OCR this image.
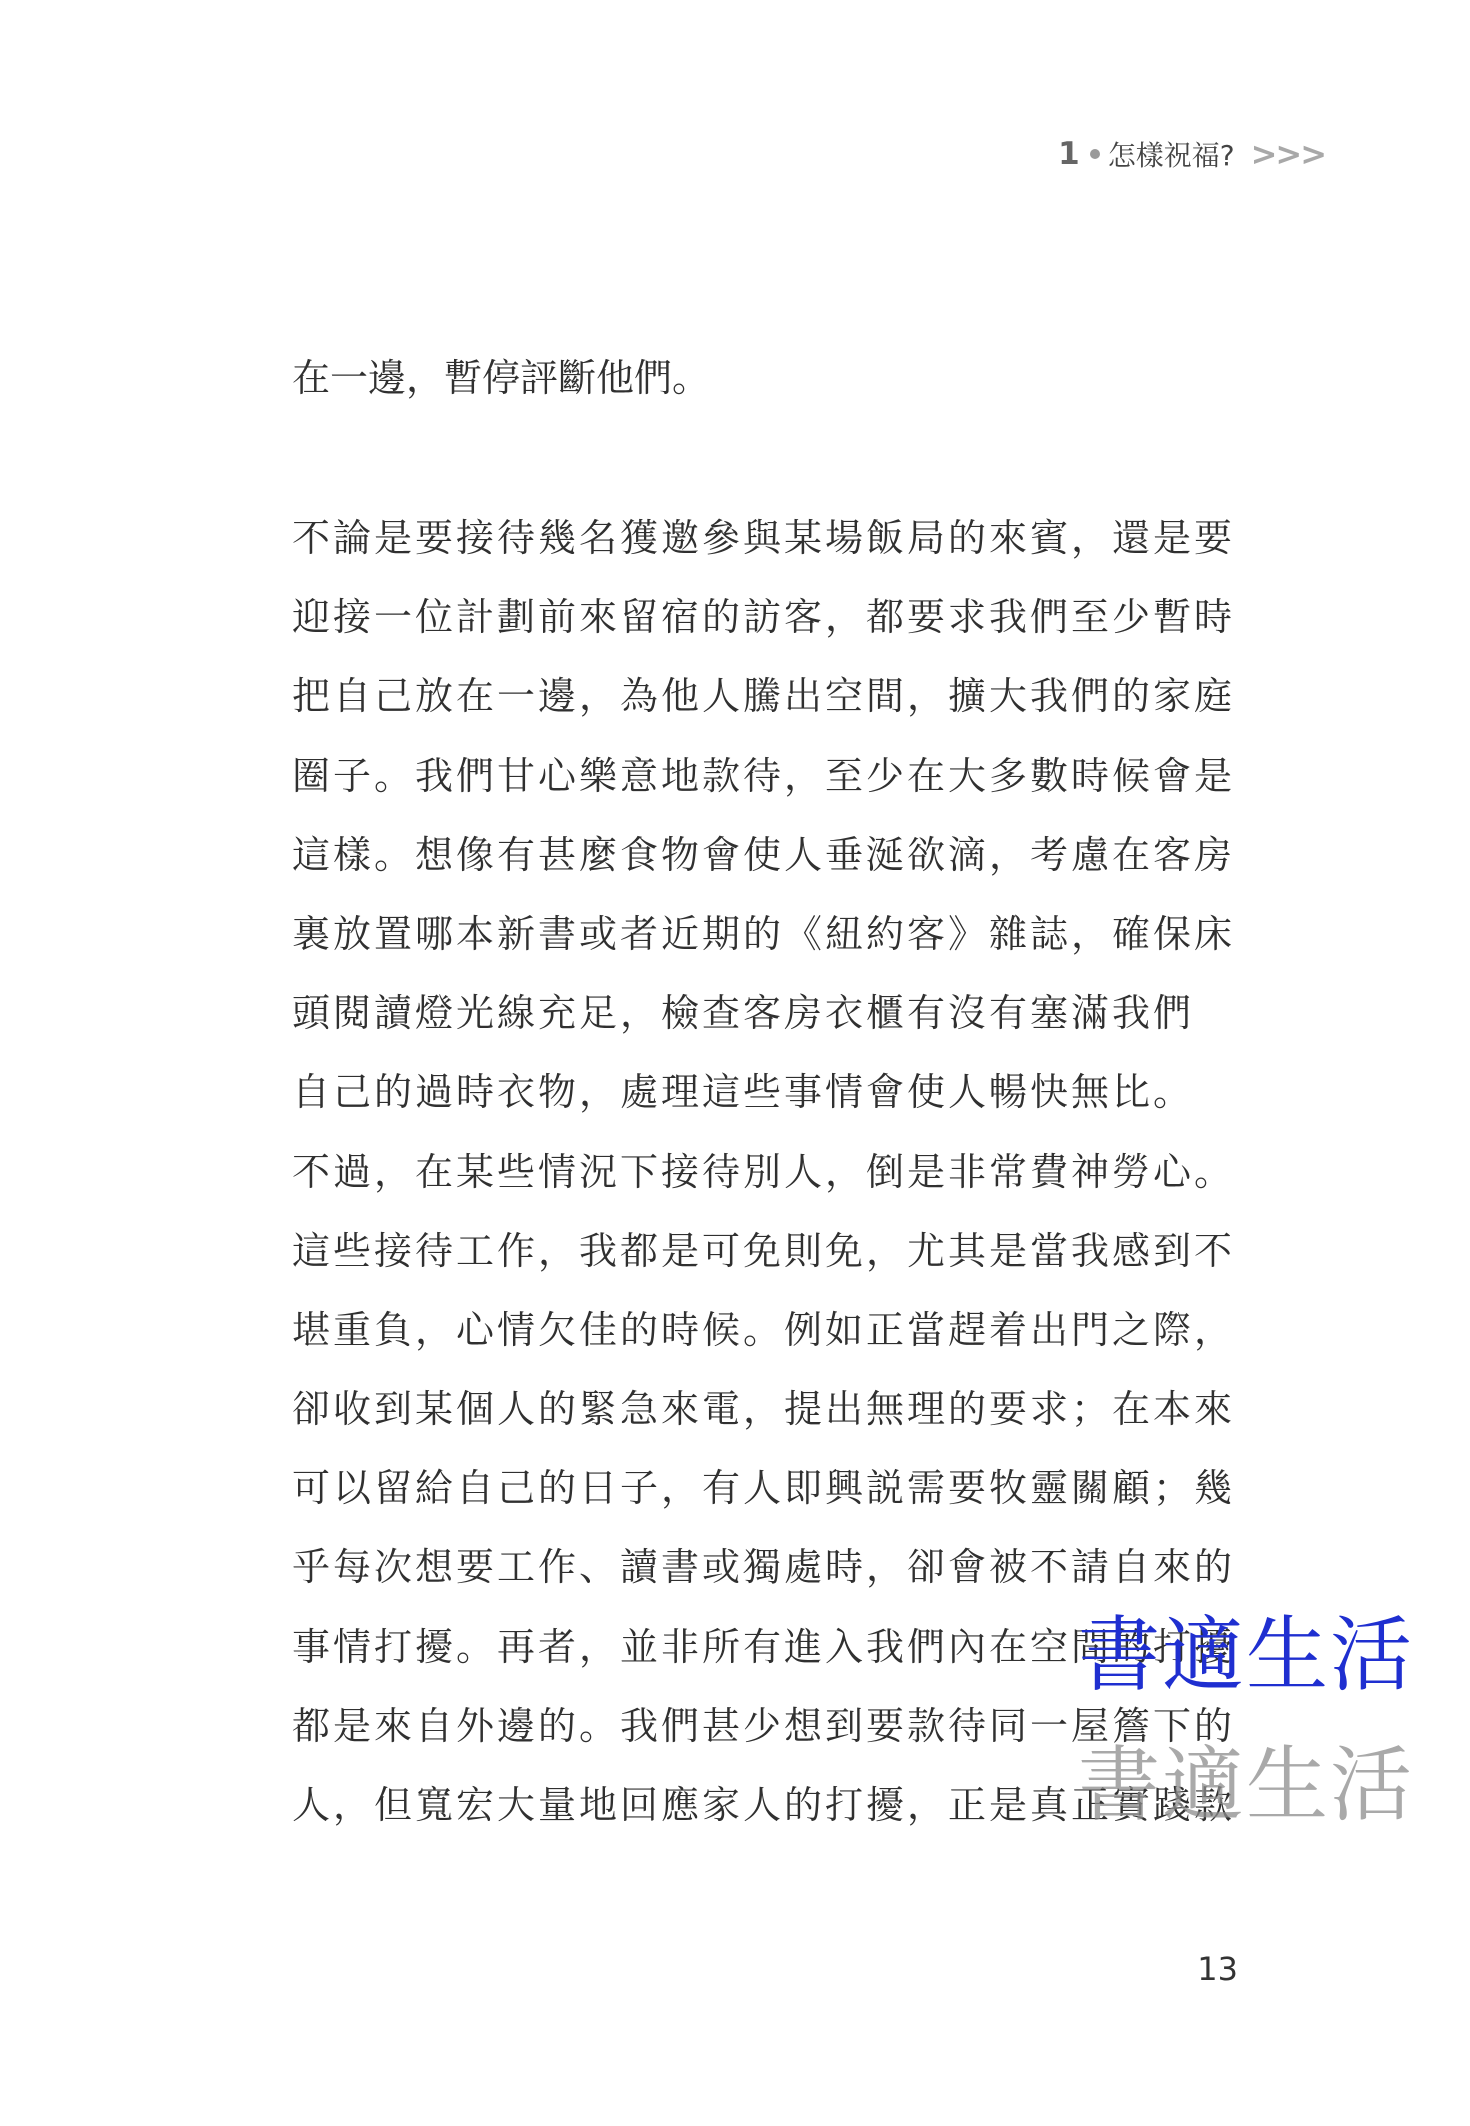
1 怎樣祝福? >>>
在一邊，暫停評斷他們。
不論是要接待幾名獲邀參與某場飯局的來賓，還是要
迎接一位計劃前來留宿的訪客，都要求我們至少暫時
把自己放在一邊，為他人騰出空間，擴大我們的家庭
圈子。我們甘心樂意地款待，至少在大多數時候會是
這樣。想像有甚麼食物會使人垂涎欲滴，考慮在客房
裏放置哪本新書或者近期的《紐約客》雜誌，確保床
頭閱讀燈光線充足，檢查客房衣櫃有沒有塞滿我們
自己的過時衣物，處理這些事情會使人暢快無比。
不過，在某些情況下接待別人，倒是非常費神勞心。
這些接待工作，我都是可免則免，尤其是當我感到不
堪重負，心情欠佳的時候。例如正當趕着出門之際，
卻收到某個人的緊急來電，提出無理的要求；在本來
可以留給自己的日子，有人即興説需要牧靈關顧；幾
乎每次想要工作、讀書或獨處時，卻會被不請自來的
事情打擾。再者，並非所有進入我們內在空間的打擾
都是來自外邊的。我們甚少想到要款待同一屋簷下的
人，但寬宏大量地回應家人的打擾，正是真正實踐款
13
書適生活
書適生活
